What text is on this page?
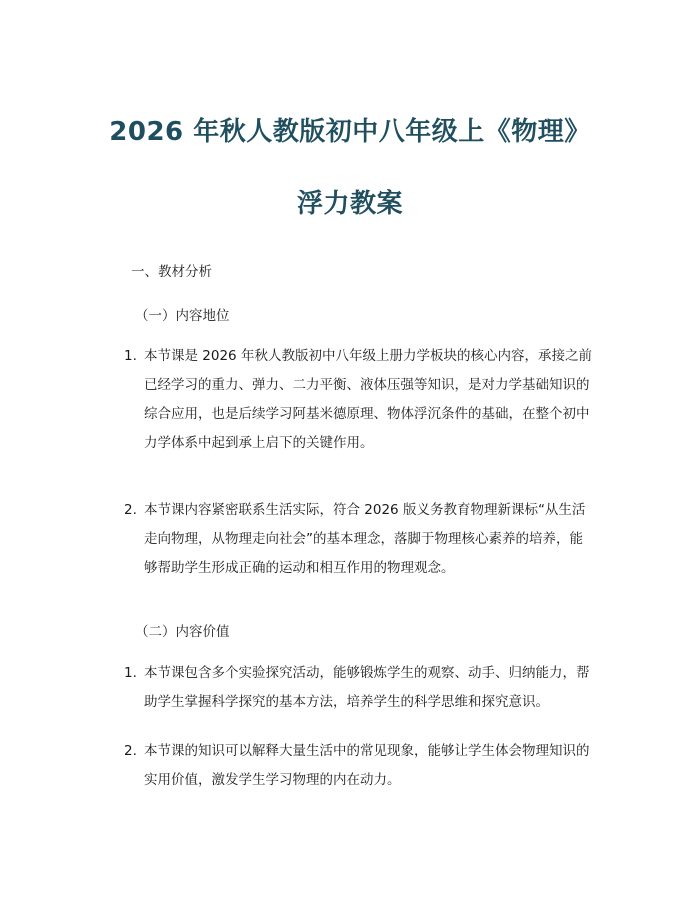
2026 年秋人教版初中八年级上《物理》
浮力教案
一、教材分析
（一）内容地位
1. 本节课是 2026 年秋人教版初中八年级上册力学板块的核心内容，承接之前
已经学习的重力、弹力、二力平衡、液体压强等知识，是对力学基础知识的
综合应用，也是后续学习阿基米德原理、物体浮沉条件的基础，在整个初中
力学体系中起到承上启下的关键作用。
2. 本节课内容紧密联系生活实际，符合 2026 版义务教育物理新课标“从生活
走向物理，从物理走向社会”的基本理念，落脚于物理核心素养的培养，能
够帮助学生形成正确的运动和相互作用的物理观念。
（二）内容价值
1. 本节课包含多个实验探究活动，能够锻炼学生的观察、动手、归纳能力，帮
助学生掌握科学探究的基本方法，培养学生的科学思维和探究意识。
2. 本节课的知识可以解释大量生活中的常见现象，能够让学生体会物理知识的
实用价值，激发学生学习物理的内在动力。
